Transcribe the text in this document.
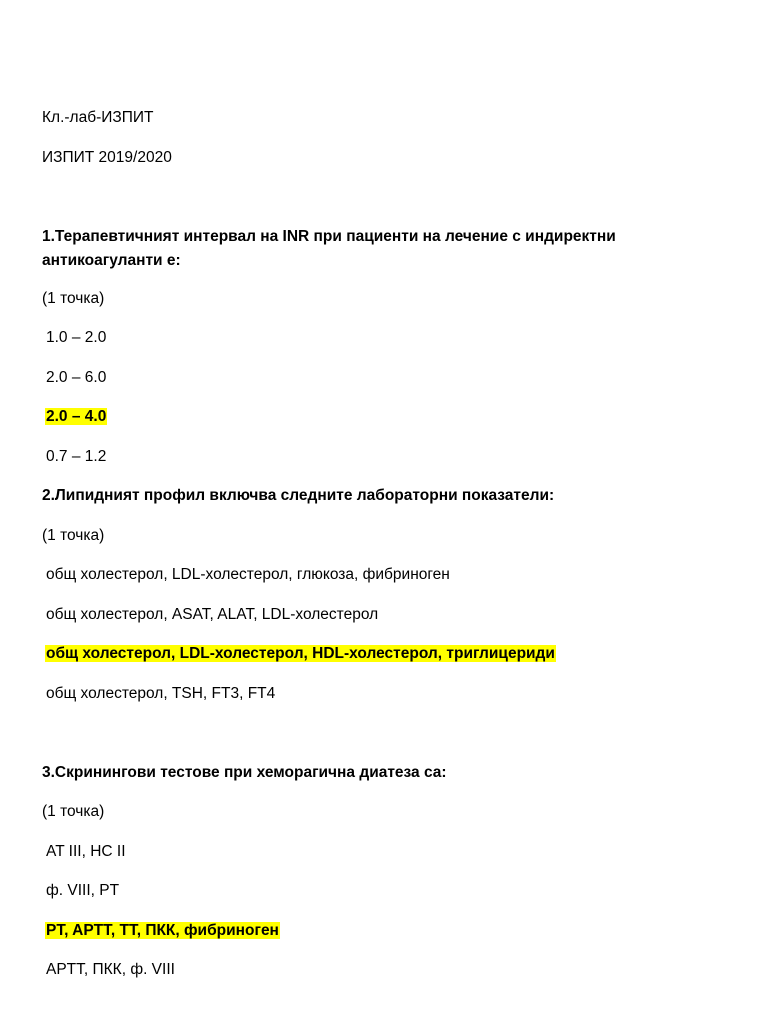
Кл.-лаб-ИЗПИТ
ИЗПИТ 2019/2020
1.Терапевтичният интервал на INR при пациенти на лечение с индиректни антикоагуланти е:
(1 точка)
1.0 – 2.0
2.0 – 6.0
2.0 – 4.0
0.7 – 1.2
2.Липидният профил включва следните лабораторни показатели:
(1 точка)
общ холестерол, LDL-холестерол, глюкоза, фибриноген
общ холестерол, ASAT, ALAT, LDL-холестерол
общ холестерол, LDL-холестерол, HDL-холестерол, триглицериди
общ холестерол, TSH, FT3, FT4
3.Скринингови тестове при хеморагична диатеза са:
(1 точка)
AT III, HC II
ф. VIII, PT
PT, APTT, TT, ПКК, фибриноген
APTT, ПКК, ф. VIII
